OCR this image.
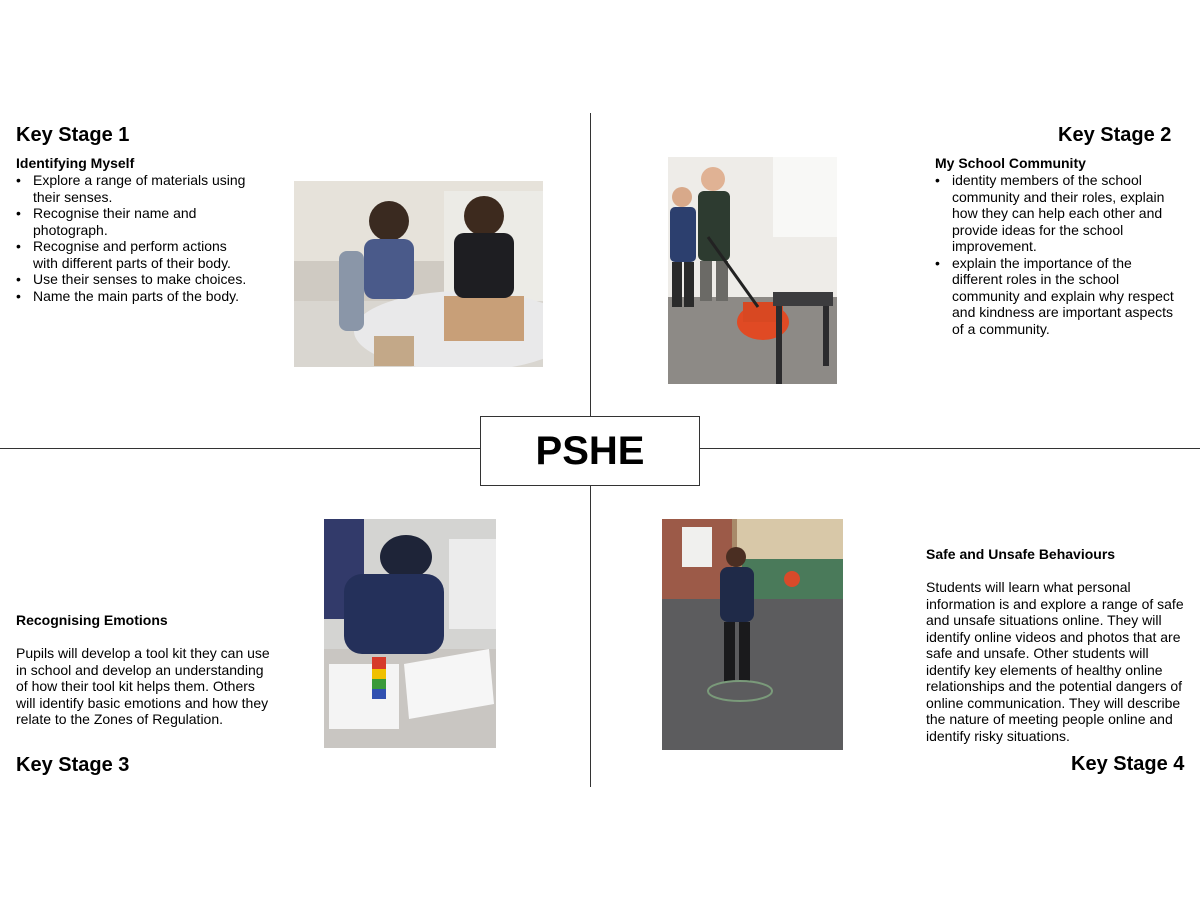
PSHE
Key Stage 1
Identifying Myself
• Explore a range of materials using their senses.
• Recognise their name and photograph.
• Recognise and perform actions with different parts of their body.
• Use their senses to make choices.
• Name the main parts of the body.
Key Stage 2
My School Community
• identity members of the school community and their roles, explain how they can help each other and provide ideas for the school improvement.
• explain the importance of the different roles in the school community and explain why respect and kindness are important aspects of a community.
Recognising Emotions
Pupils will develop a tool kit they can use in school and develop an understanding of how their tool kit helps them. Others will identify basic emotions and how they relate to the Zones of Regulation.
Key Stage 3
Safe and Unsafe Behaviours
Students will learn what personal information is and explore a range of safe and unsafe situations online. They will identify online videos and photos that are safe and unsafe. Other students will identify key elements of healthy online relationships and the potential dangers of online communication. They will describe the nature of meeting people online and identify risky situations.
Key Stage 4
